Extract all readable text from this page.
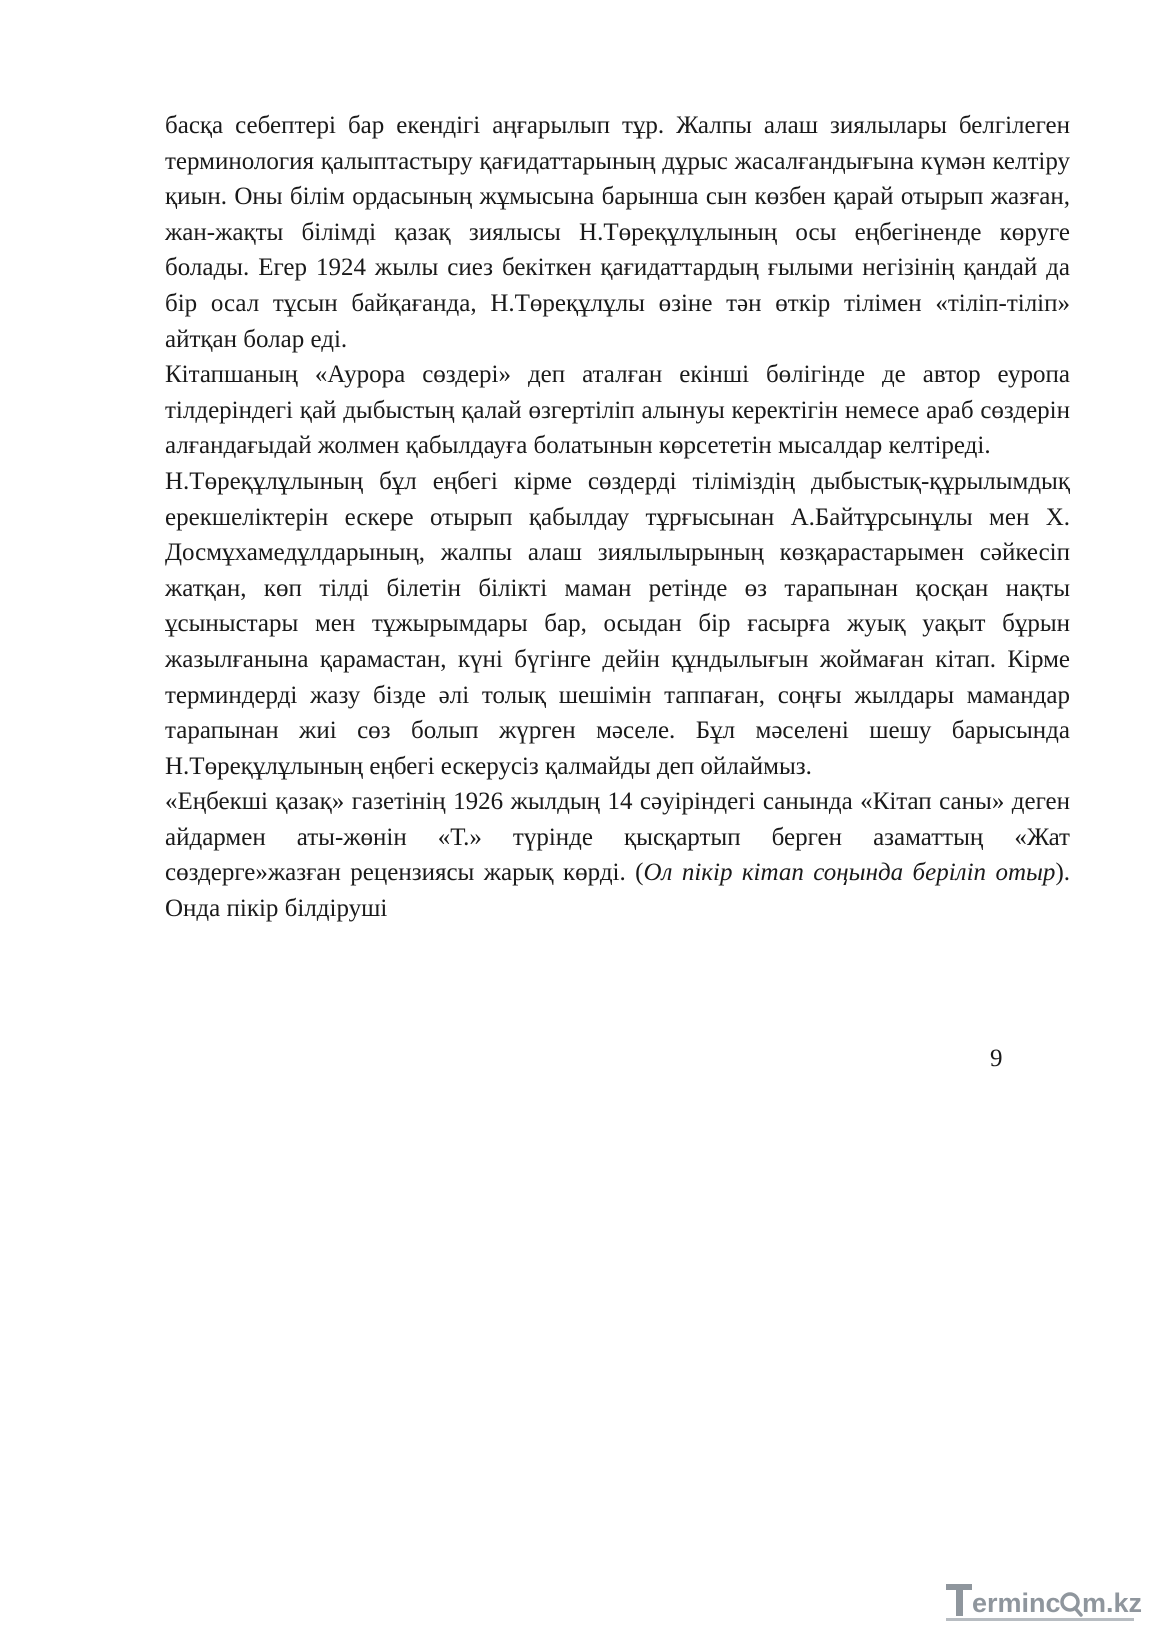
басқа себептері бар екендігі аңғарылып тұр. Жалпы алаш зиялылары белгілеген терминология қалыптастыру қағидаттарының дұрыс жасалғандығына күмән келтіру қиын. Оны білім ордасының жұмысына барынша сын көзбен қарай отырып жазған, жан-жақты білімді қазақ зиялысы Н.Төреқұлұлының осы еңбегіненде көруге болады. Егер 1924 жылы сиез бекіткен қағидаттардың ғылыми негізінің қандай да бір осал тұсын байқағанда, Н.Төреқұлұлы өзіне тән өткір тілімен «тіліп-тіліп» айтқан болар еді.

Кітапшаның «Аурора сөздері» деп аталған екінші бөлігінде де автор еуропа тілдеріндегі қай дыбыстың қалай өзгертіліп алынуы керектігін немесе араб сөздерін алғандағыдай жолмен қабылдауға болатынын көрсететін мысалдар келтіреді.

Н.Төреқұлұлының бұл еңбегі кірме сөздерді тіліміздің дыбыстық-құрылымдық ерекшеліктерін ескере отырып қабылдау тұрғысынан А.Байтұрсынұлы мен Х. Досмұхамедұлдарының, жалпы алаш зиялылырының көзқарастарымен сәйкесіп жатқан, көп тілді білетін білікті маман ретінде өз тарапынан қосқан нақты ұсыныстары мен тұжырымдары бар, осыдан бір ғасырға жуық уақыт бұрын жазылғанына қарамастан, күні бүгінге дейін құндылығын жоймаған кітап. Кірме терминдерді жазу бізде әлі толық шешімін таппаған, соңғы жылдары мамандар тарапынан жиі сөз болып жүрген мәселе. Бұл мәселені шешу барысында Н.Төреқұлұлының еңбегі ескерусіз қалмайды деп ойлаймыз.

«Еңбекші қазақ» газетінің 1926 жылдың 14 сәуіріндегі санында «Кітап саны» деген айдармен аты-жөнін «Т.» түрінде қысқартып берген азаматтың «Жат сөздерге»жазған рецензиясы жарық көрді. (Ол пікір кітап соңында беріліп отыр). Онда пікір білдіруші

9
erminc m.kz
